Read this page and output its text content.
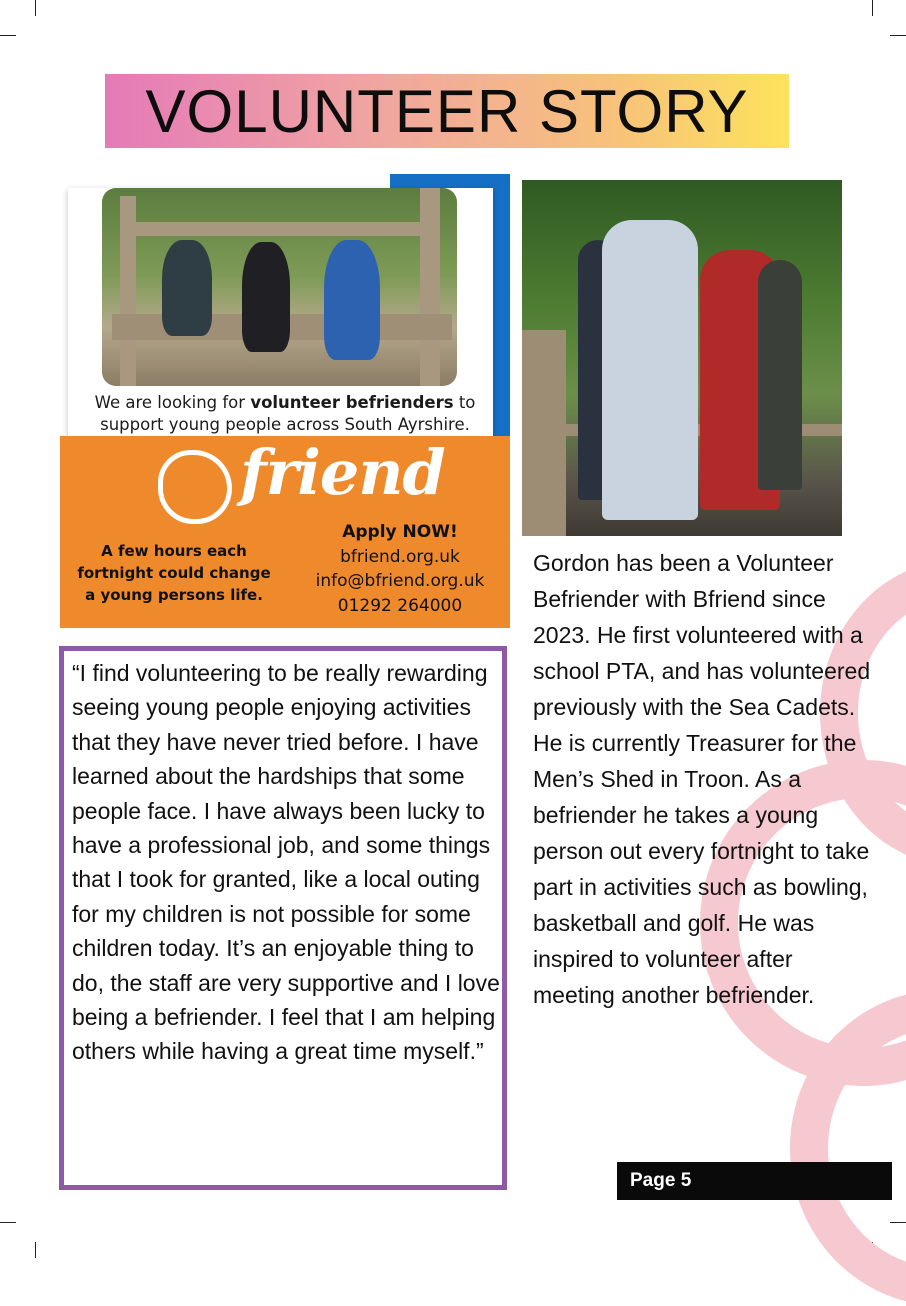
VOLUNTEER STORY
We are looking for volunteer befrienders to support young people across South Ayrshire.
friend
A few hours each fortnight could change a young persons life.
Apply NOW!
bfriend.org.uk
info@bfriend.org.uk
01292 264000

“I find volunteering to be really rewarding seeing young people enjoying activities that they have never tried before. I have learned about the hardships that some people face. I have always been lucky to have a professional job, and some things that I took for granted, like a local outing for my children is not possible for some children today. It’s an enjoyable thing to do, the staff are very supportive and I love being a befriender. I feel that I am helping others while having a great time myself.”

Gordon has been a Volunteer Befriender with Bfriend since 2023. He first volunteered with a school PTA, and has volunteered previously with the Sea Cadets. He is currently Treasurer for the Men’s Shed in Troon. As a befriender he takes a young person out every fortnight to take part in activities such as bowling, basketball and golf. He was inspired to volunteer after meeting another befriender.

Page 5
